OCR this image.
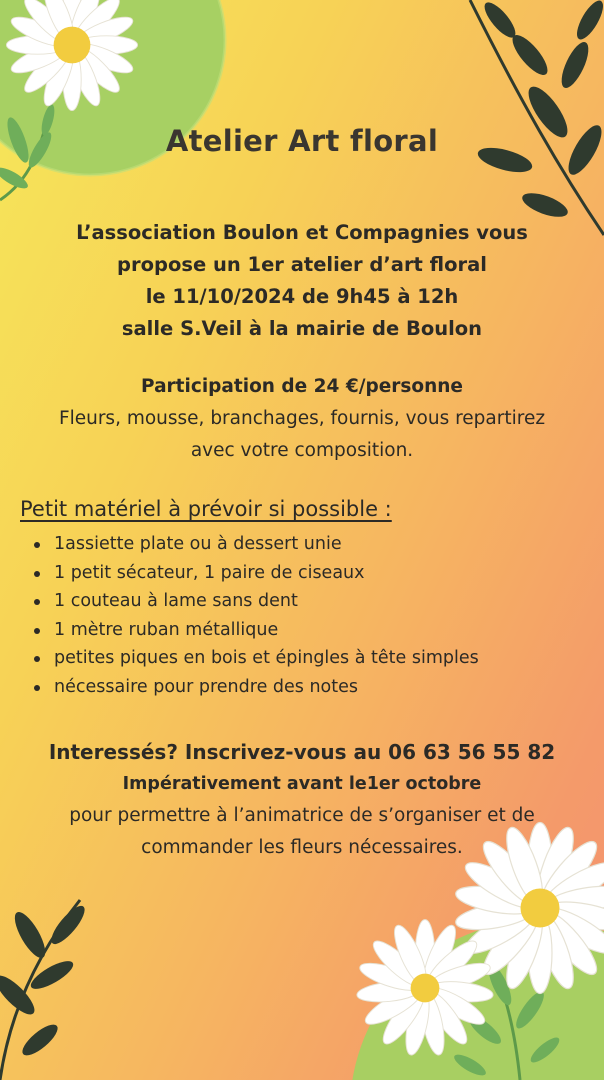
Atelier Art floral
L’association Boulon et Compagnies vous
propose un 1er atelier d’art floral
le 11/10/2024 de 9h45 à 12h
salle S.Veil à la mairie de Boulon
Participation de 24 €/personne
Fleurs, mousse, branchages, fournis, vous repartirez
avec votre composition.

Petit matériel à prévoir si possible :

1assiette plate ou à dessert unie
1 petit sécateur, 1 paire de ciseaux
1 couteau à lame sans dent
1 mètre ruban métallique
petites piques en bois et épingles à tête simples
nécessaire pour prendre des notes
Interessés? Inscrivez-vous au 06 63 56 55 82
Impérativement avant le1er octobre
pour permettre à l’animatrice de s’organiser et de
commander les fleurs nécessaires.
